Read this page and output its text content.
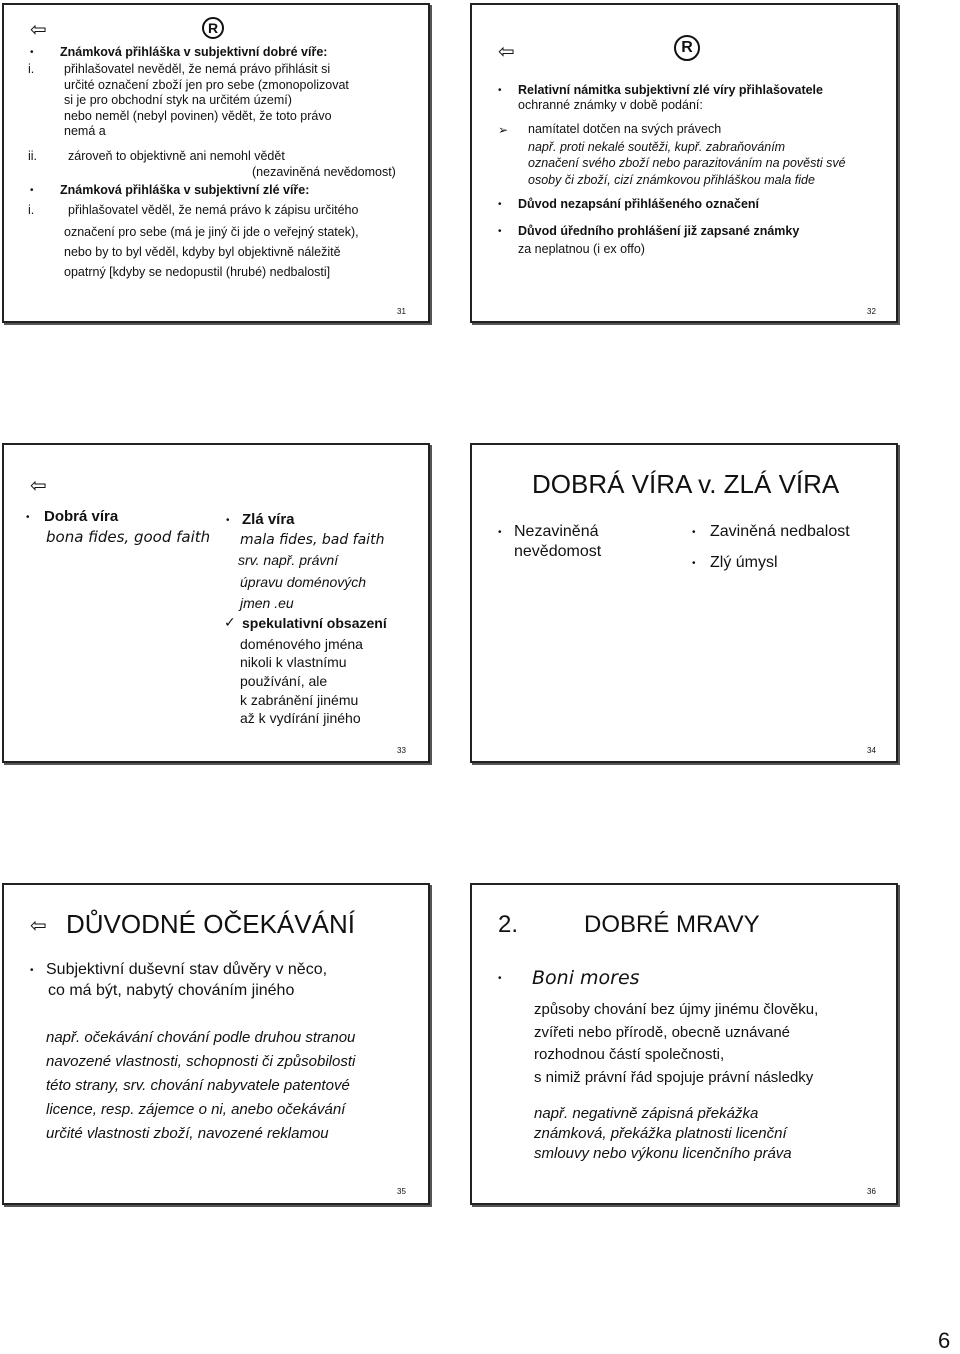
⇦	R
• Známková přihláška v subjektivní dobré víře:
i. přihlašovatel nevěděl, že nemá právo přihlásit si
určité označení zboží jen pro sebe (zmonopolizovat
si je pro obchodní styk na určitém území)
nebo neměl (nebyl povinen) vědět, že toto právo
nemá a
ii. zároveň to objektivně ani nemohl vědět
(nezaviněná nevědomost)
• Známková přihláška v subjektivní zlé víře:
i.	přihlašovatel věděl, že nemá právo k zápisu určitého
označení pro sebe (má je jiný či jde o veřejný statek),
nebo by to byl věděl, kdyby byl objektivně náležitě
opatrný [kdyby se nedopustil (hrubé) nedbalosti]
31
⇦	R
• Relativní námitka subjektivní zlé víry přihlašovatele
ochranné známky v době podání:
➢ namítatel dotčen na svých právech
např. proti nekalé soutěži, kupř. zabraňováním
označení svého zboží nebo parazitováním na pověsti své
osoby či zboží, cizí známkovou přihláškou mala fide
• Důvod nezapsání přihlášeného označení
• Důvod úředního prohlášení již zapsané známky
za neplatnou (i ex offo)
32
⇦
• Dobrá víra
bona fides, good faith
• Zlá víra
mala fides, bad faith
srv. např. právní
úpravu doménových
jmen .eu
✓ spekulativní obsazení
doménového jména
nikoli k vlastnímu
používání, ale
k zabránění jinému
až k vydírání jiného
33
DOBRÁ VÍRA v. ZLÁ VÍRA
• Nezaviněná
nevědomost
• Zaviněná nedbalost
• Zlý úmysl
34
⇦ DŮVODNÉ OČEKÁVÁNÍ
• Subjektivní duševní stav důvěry v něco,
co má být, nabytý chováním jiného
např. očekávání chování podle druhou stranou
navozené vlastnosti, schopnosti či způsobilosti
této strany, srv. chování nabyvatele patentové
licence, resp. zájemce o ni, anebo očekávání
určité vlastnosti zboží, navozené reklamou
35
2.	DOBRÉ MRAVY
• Boni mores
způsoby chování bez újmy jinému člověku,
zvířeti nebo přírodě, obecně uznávané
rozhodnou částí společnosti,
s nimiž právní řád spojuje právní následky
např. negativně zápisná překážka
známková, překážka platnosti licenční
smlouvy nebo výkonu licenčního práva
36
6
